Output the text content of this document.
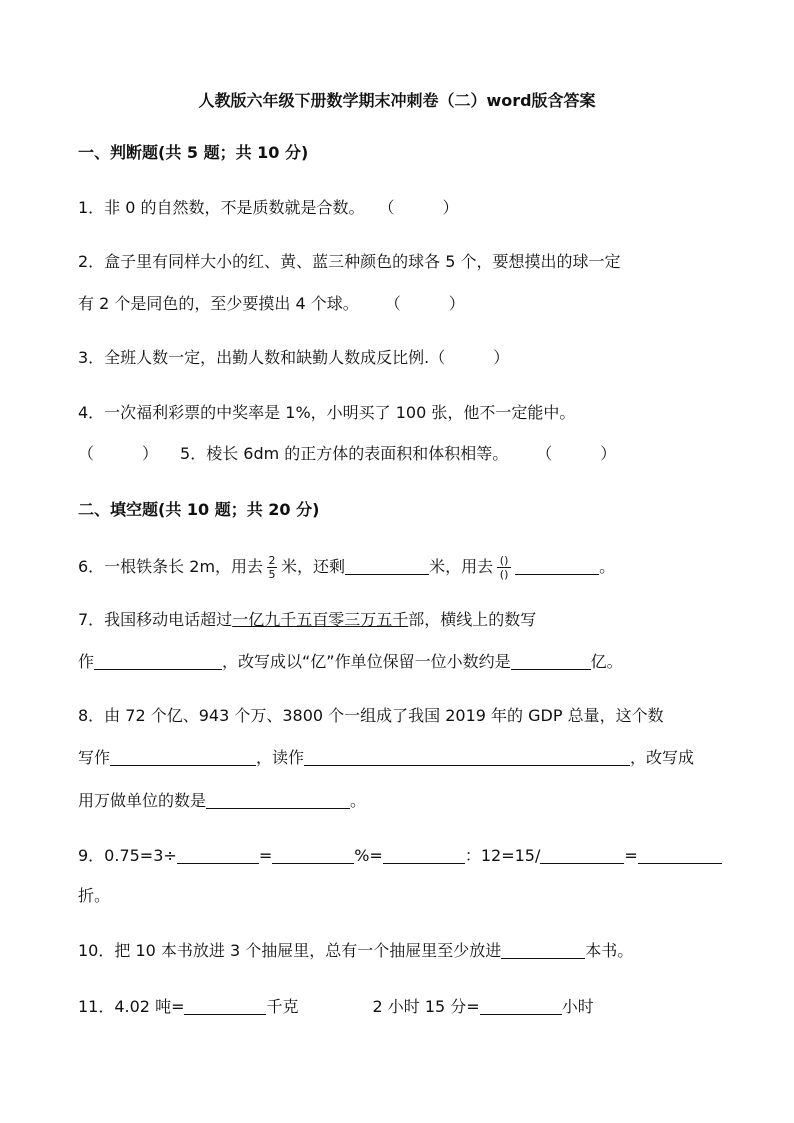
人教版六年级下册数学期末冲刺卷（二）word版含答案
一、判断题(共 5 题；共 10 分)
1．非 0 的自然数，不是质数就是合数。 （　　　）
2．盒子里有同样大小的红、黄、蓝三种颜色的球各 5 个，要想摸出的球一定
有 2 个是同色的，至少要摸出 4 个球。 （　　　）
3．全班人数一定，出勤人数和缺勤人数成反比例.（　　　）
4．一次福利彩票的中奖率是 1%，小明买了 100 张，他不一定能中。
（　　　） 5．棱长 6dm 的正方体的表面积和体积相等。 （　　　）
二、填空题(共 10 题；共 20 分)
6．一根铁条长 2m，用去 $\frac{2}{5}$ 米，还剩	米，用去 $\frac{()}{()}$	。
7．我国移动电话超过一亿九千五百零三万五千部，横线上的数写
作	，改写成以“亿”作单位保留一位小数约是	亿。
8．由 72 个亿、943 个万、3800 个一组成了我国 2019 年的 GDP 总量，这个数
写作	，读作	，改写成
用万做单位的数是	。
9．0.75=3÷	=	%=	：12=15/	=
折。
10．把 10 本书放进 3 个抽屉里，总有一个抽屉里至少放进	本书。
11．4.02 吨=	千克	2 小时 15 分=	小时
